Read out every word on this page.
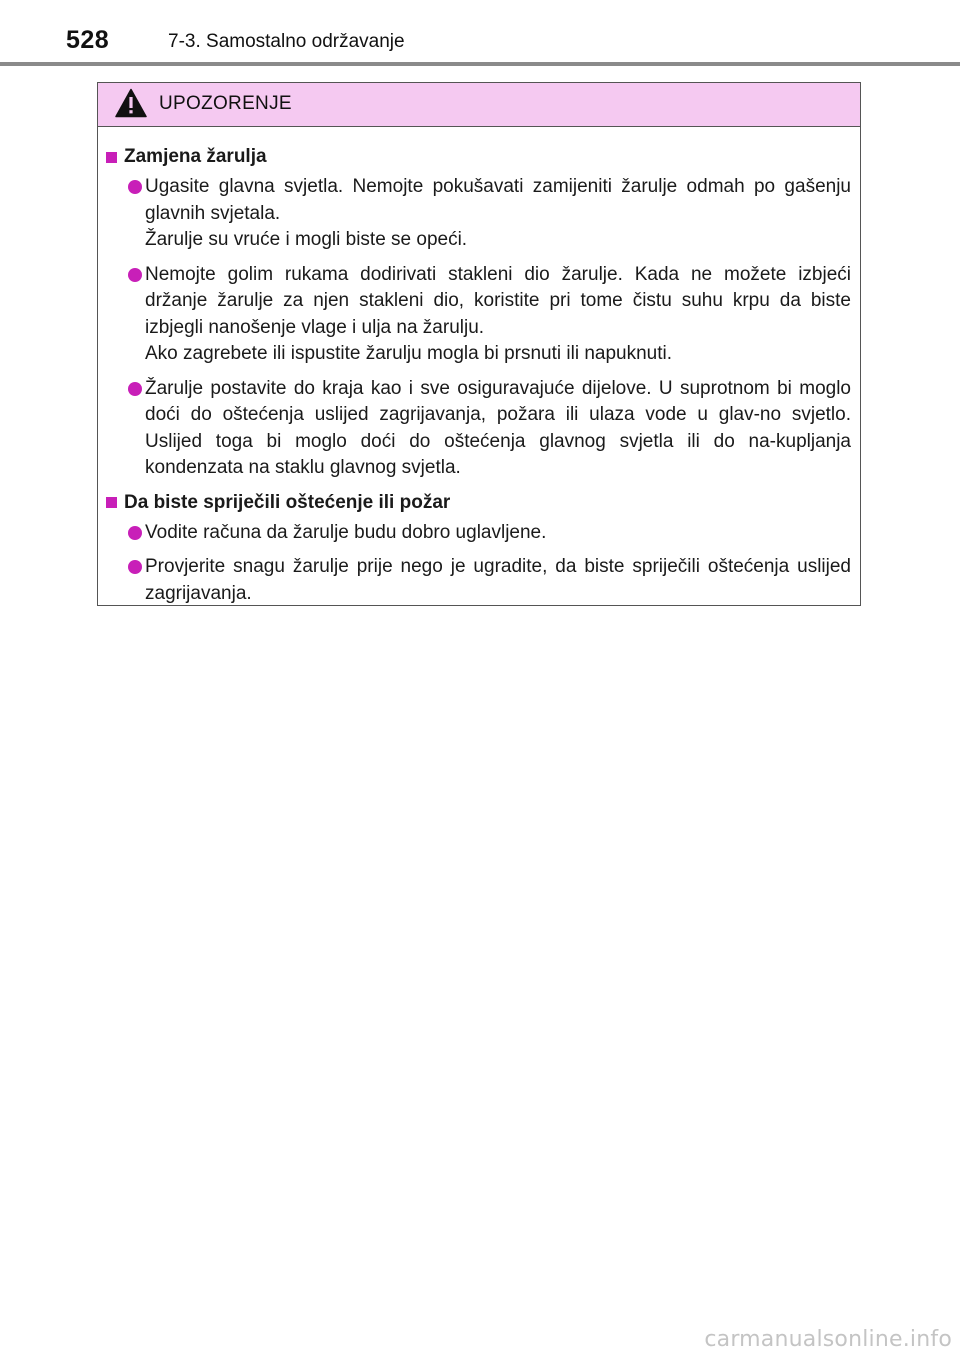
528	7-3. Samostalno održavanje
UPOZORENJE
Zamjena žarulja

Ugasite glavna svjetla. Nemojte pokušavati zamijeniti žarulje odmah po gašenju glavnih svjetala.

Žarulje su vruće i mogli biste se opeći.

Nemojte golim rukama dodirivati stakleni dio žarulje. Kada ne možete izbjeći držanje žarulje za njen stakleni dio, koristite pri tome čistu suhu krpu da biste izbjegli nanošenje vlage i ulja na žarulju.

Ako zagrebete ili ispustite žarulju mogla bi prsnuti ili napuknuti.

Žarulje postavite do kraja kao i sve osiguravajuće dijelove. U suprotnom bi moglo doći do oštećenja uslijed zagrijavanja, požara ili ulaza vode u glav-no svjetlo. Uslijed toga bi moglo doći do oštećenja glavnog svjetla ili do na-kupljanja kondenzata na staklu glavnog svjetla.

Da biste spriječili oštećenje ili požar

Vodite računa da žarulje budu dobro uglavljene.

Provjerite snagu žarulje prije nego je ugradite, da biste spriječili oštećenja uslijed zagrijavanja.

carmanualsonline.info
